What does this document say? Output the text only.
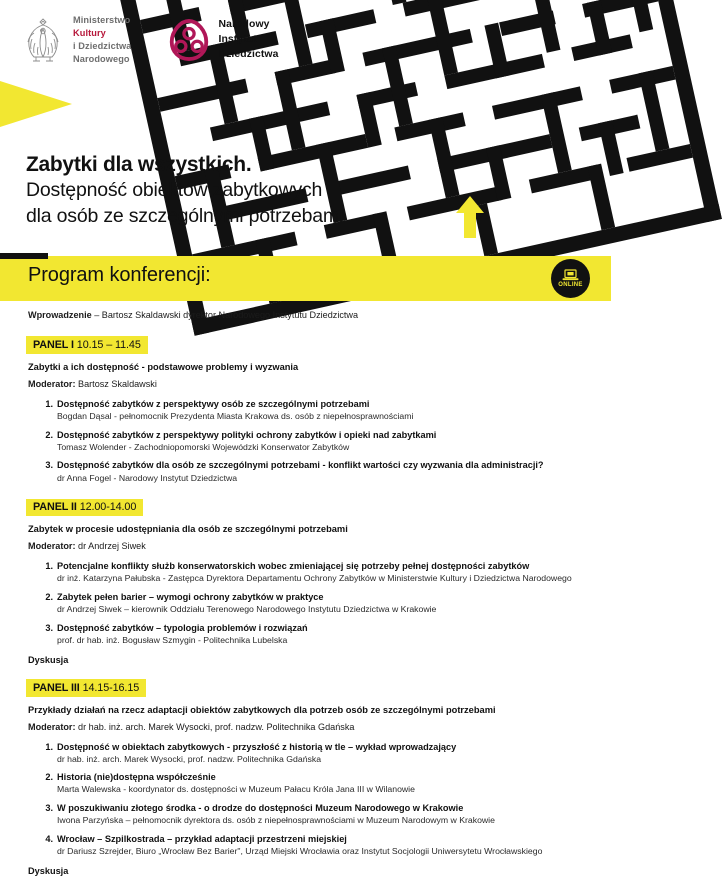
Ministerstwo
Kultury
i Dziedzictwa
Narodowego
Narodowy
Instytut
Dziedzictwa
Zabytki dla wszystkich.
Dostępność obiektów zabytkowych
dla osób ze szczególnymi potrzebami
Program konferencji:	ONLINE
Wprowadzenie – Bartosz Skaldawski dyrektor Narodowego Instytutu Dziedzictwa
PANEL I 10.15 – 11.45
Zabytki a ich dostępność - podstawowe problemy i wyzwania
Moderator: Bartosz Skaldawski
1. Dostępność zabytków z perspektywy osób ze szczególnymi potrzebami
Bogdan Dąsal - pełnomocnik Prezydenta Miasta Krakowa ds. osób z niepełnosprawnościami
2. Dostępność zabytków z perspektywy polityki ochrony zabytków i opieki nad zabytkami
Tomasz Wolender - Zachodniopomorski Wojewódzki Konserwator Zabytków
3. Dostępność zabytków dla osób ze szczególnymi potrzebami - konflikt wartości czy wyzwania dla administracji?
dr Anna Fogel - Narodowy Instytut Dziedzictwa
PANEL II 12.00-14.00
Zabytek w procesie udostępniania dla osób ze szczególnymi potrzebami
Moderator: dr Andrzej Siwek
1. Potencjalne konflikty służb konserwatorskich wobec zmieniającej się potrzeby pełnej dostępności zabytków
dr inż. Katarzyna Pałubska - Zastępca Dyrektora Departamentu Ochrony Zabytków w Ministerstwie Kultury i Dziedzictwa Narodowego
2. Zabytek pełen barier – wymogi ochrony zabytków w praktyce
dr Andrzej Siwek – kierownik Oddziału Terenowego Narodowego Instytutu Dziedzictwa w Krakowie
3. Dostępność zabytków – typologia problemów i rozwiązań
prof. dr hab. inż. Bogusław Szmygin - Politechnika Lubelska
Dyskusja
PANEL III 14.15-16.15
Przykłady działań na rzecz adaptacji obiektów zabytkowych dla potrzeb osób ze szczególnymi potrzebami
Moderator: dr hab. inż. arch. Marek Wysocki, prof. nadzw. Politechnika Gdańska
1. Dostępność w obiektach zabytkowych - przyszłość z historią w tle – wykład wprowadzający
dr hab. inż. arch. Marek Wysocki, prof. nadzw. Politechnika Gdańska
2. Historia (nie)dostępna współcześnie
Marta Walewska - koordynator ds. dostępności w Muzeum Pałacu Króla Jana III w Wilanowie
3. W poszukiwaniu złotego środka - o drodze do dostępności Muzeum Narodowego w Krakowie
Iwona Parzyńska – pełnomocnik dyrektora ds. osób z niepełnosprawnościami w Muzeum Narodowym w Krakowie
4. Wrocław – Szpilkostrada – przykład adaptacji przestrzeni miejskiej
dr Dariusz Szrejder, Biuro „Wrocław Bez Barier", Urząd Miejski Wrocławia oraz Instytut Socjologii Uniwersytetu Wrocławskiego
Dyskusja
